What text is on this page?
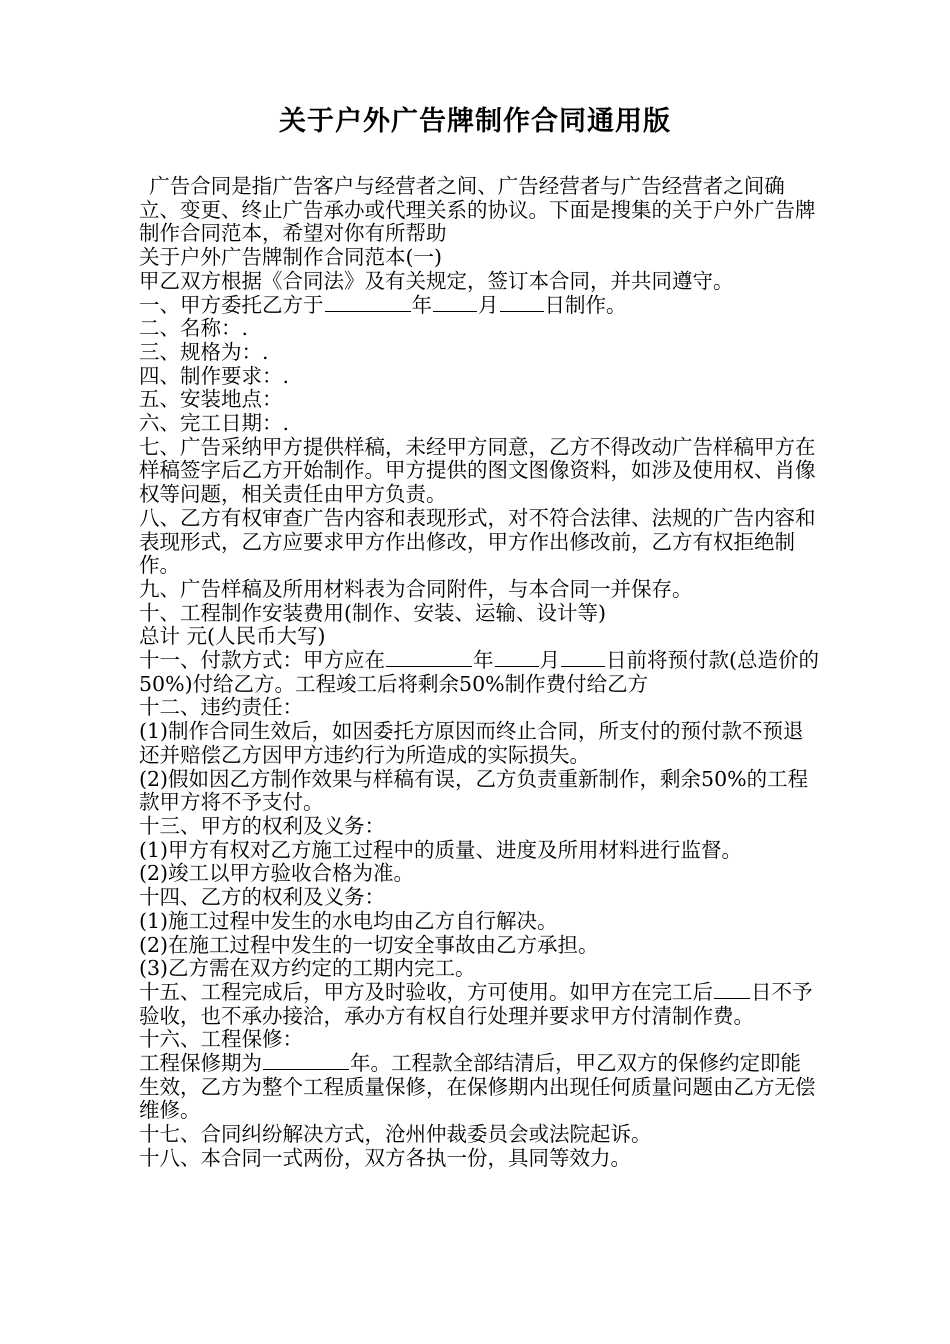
关于户外广告牌制作合同通用版

广告合同是指广告客户与经营者之间、广告经营者与广告经营者之间确立、变更、终止广告承办或代理关系的协议。下面是搜集的关于户外广告牌制作合同范本，希望对你有所帮助

关于户外广告牌制作合同范本(一)

甲乙双方根据《合同法》及有关规定，签订本合同，并共同遵守。

一、甲方委托乙方于	年 月 日制作。

二、名称：.

三、规格为：.

四、制作要求：.

五、安装地点：

六、完工日期：.

七、广告采纳甲方提供样稿，未经甲方同意，乙方不得改动广告样稿甲方在样稿签字后乙方开始制作。甲方提供的图文图像资料，如涉及使用权、肖像权等问题，相关责任由甲方负责。

八、乙方有权审查广告内容和表现形式，对不符合法律、法规的广告内容和表现形式，乙方应要求甲方作出修改，甲方作出修改前，乙方有权拒绝制作。

九、广告样稿及所用材料表为合同附件，与本合同一并保存。

十、工程制作安装费用(制作、安装、运输、设计等)

总计 元(人民币大写)

十一、付款方式：甲方应在	年 月 日前将预付款(总造价的50%)付给乙方。工程竣工后将剩余50%制作费付给乙方

十二、违约责任：

(1)制作合同生效后，如因委托方原因而终止合同，所支付的预付款不预退还并赔偿乙方因甲方违约行为所造成的实际损失。

(2)假如因乙方制作效果与样稿有误，乙方负责重新制作，剩余50%的工程款甲方将不予支付。

十三、甲方的权利及义务：

(1)甲方有权对乙方施工过程中的质量、进度及所用材料进行监督。

(2)竣工以甲方验收合格为准。

十四、乙方的权利及义务：

(1)施工过程中发生的水电均由乙方自行解决。

(2)在施工过程中发生的一切安全事故由乙方承担。

(3)乙方需在双方约定的工期内完工。

十五、工程完成后，甲方及时验收，方可使用。如甲方在完工后 日不予验收，也不承办接洽，承办方有权自行处理并要求甲方付清制作费。

十六、工程保修：

工程保修期为	年。工程款全部结清后，甲乙双方的保修约定即能生效，乙方为整个工程质量保修，在保修期内出现任何质量问题由乙方无偿维修。

十七、合同纠纷解决方式，沧州仲裁委员会或法院起诉。

十八、本合同一式两份，双方各执一份，具同等效力。
